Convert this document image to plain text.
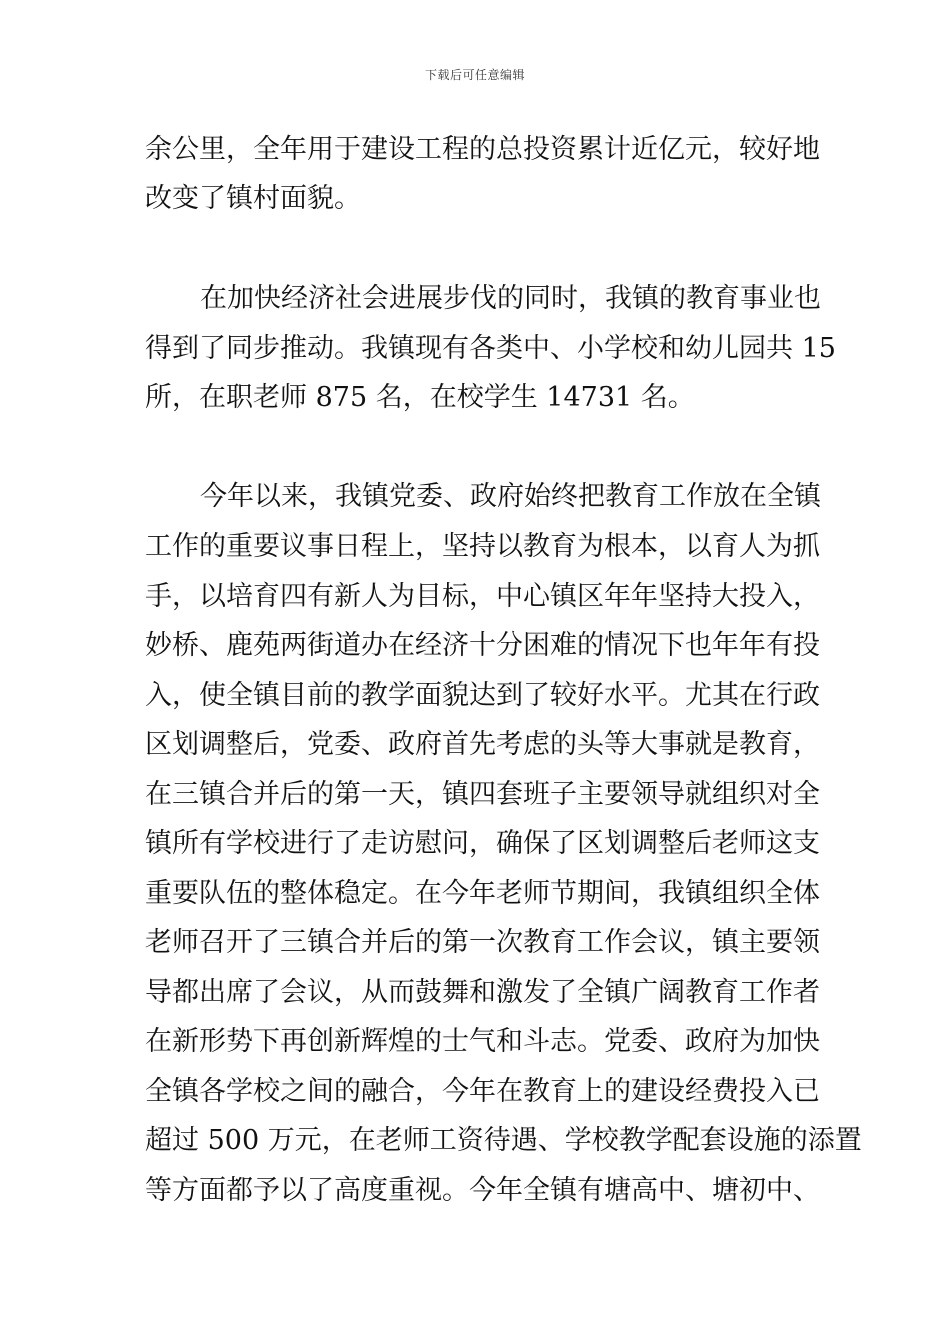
下载后可任意编辑
余公里，全年用于建设工程的总投资累计近亿元，较好地
改变了镇村面貌。
在加快经济社会进展步伐的同时，我镇的教育事业也
得到了同步推动。我镇现有各类中、小学校和幼儿园共 15
所，在职老师 875 名，在校学生 14731 名。
今年以来，我镇党委、政府始终把教育工作放在全镇
工作的重要议事日程上，坚持以教育为根本，以育人为抓
手，以培育四有新人为目标，中心镇区年年坚持大投入，
妙桥、鹿苑两街道办在经济十分困难的情况下也年年有投
入，使全镇目前的教学面貌达到了较好水平。尤其在行政
区划调整后，党委、政府首先考虑的头等大事就是教育，
在三镇合并后的第一天，镇四套班子主要领导就组织对全
镇所有学校进行了走访慰问，确保了区划调整后老师这支
重要队伍的整体稳定。在今年老师节期间，我镇组织全体
老师召开了三镇合并后的第一次教育工作会议，镇主要领
导都出席了会议，从而鼓舞和激发了全镇广阔教育工作者
在新形势下再创新辉煌的士气和斗志。党委、政府为加快
全镇各学校之间的融合，今年在教育上的建设经费投入已
超过 500 万元，在老师工资待遇、学校教学配套设施的添置
等方面都予以了高度重视。今年全镇有塘高中、塘初中、
